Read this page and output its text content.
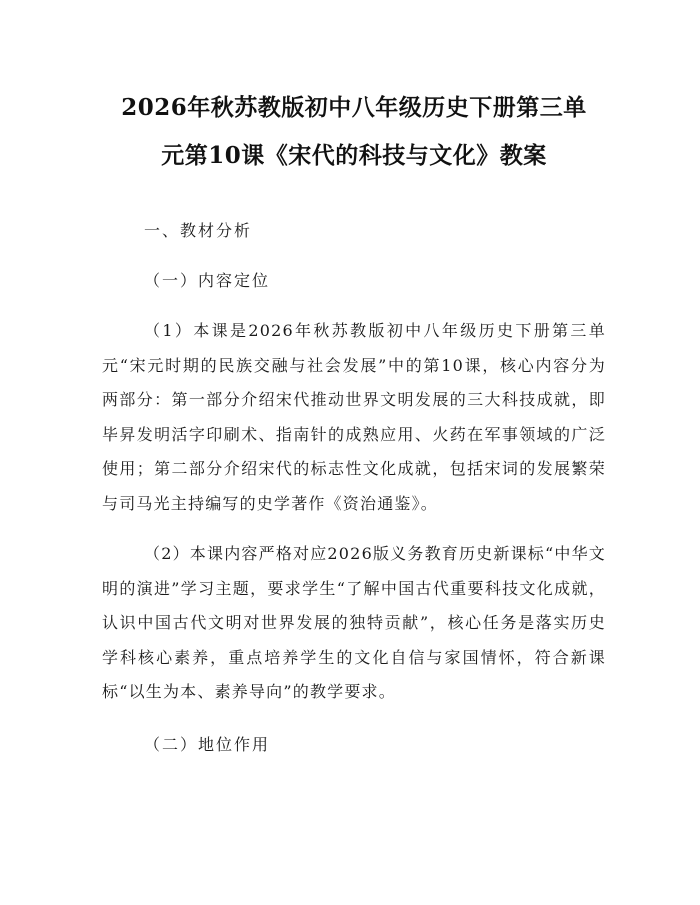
2026年秋苏教版初中八年级历史下册第三单
元第10课《宋代的科技与文化》教案
一、教材分析
（一）内容定位

（1）本课是2026年秋苏教版初中八年级历史下册第三单元“宋元时期的民族交融与社会发展”中的第10课，核心内容分为两部分：第一部分介绍宋代推动世界文明发展的三大科技成就，即毕昇发明活字印刷术、指南针的成熟应用、火药在军事领域的广泛使用；第二部分介绍宋代的标志性文化成就，包括宋词的发展繁荣与司马光主持编写的史学著作《资治通鉴》。

（2）本课内容严格对应2026版义务教育历史新课标“中华文明的演进”学习主题，要求学生“了解中国古代重要科技文化成就，认识中国古代文明对世界发展的独特贡献”，核心任务是落实历史学科核心素养，重点培养学生的文化自信与家国情怀，符合新课标“以生为本、素养导向”的教学要求。

（二）地位作用
